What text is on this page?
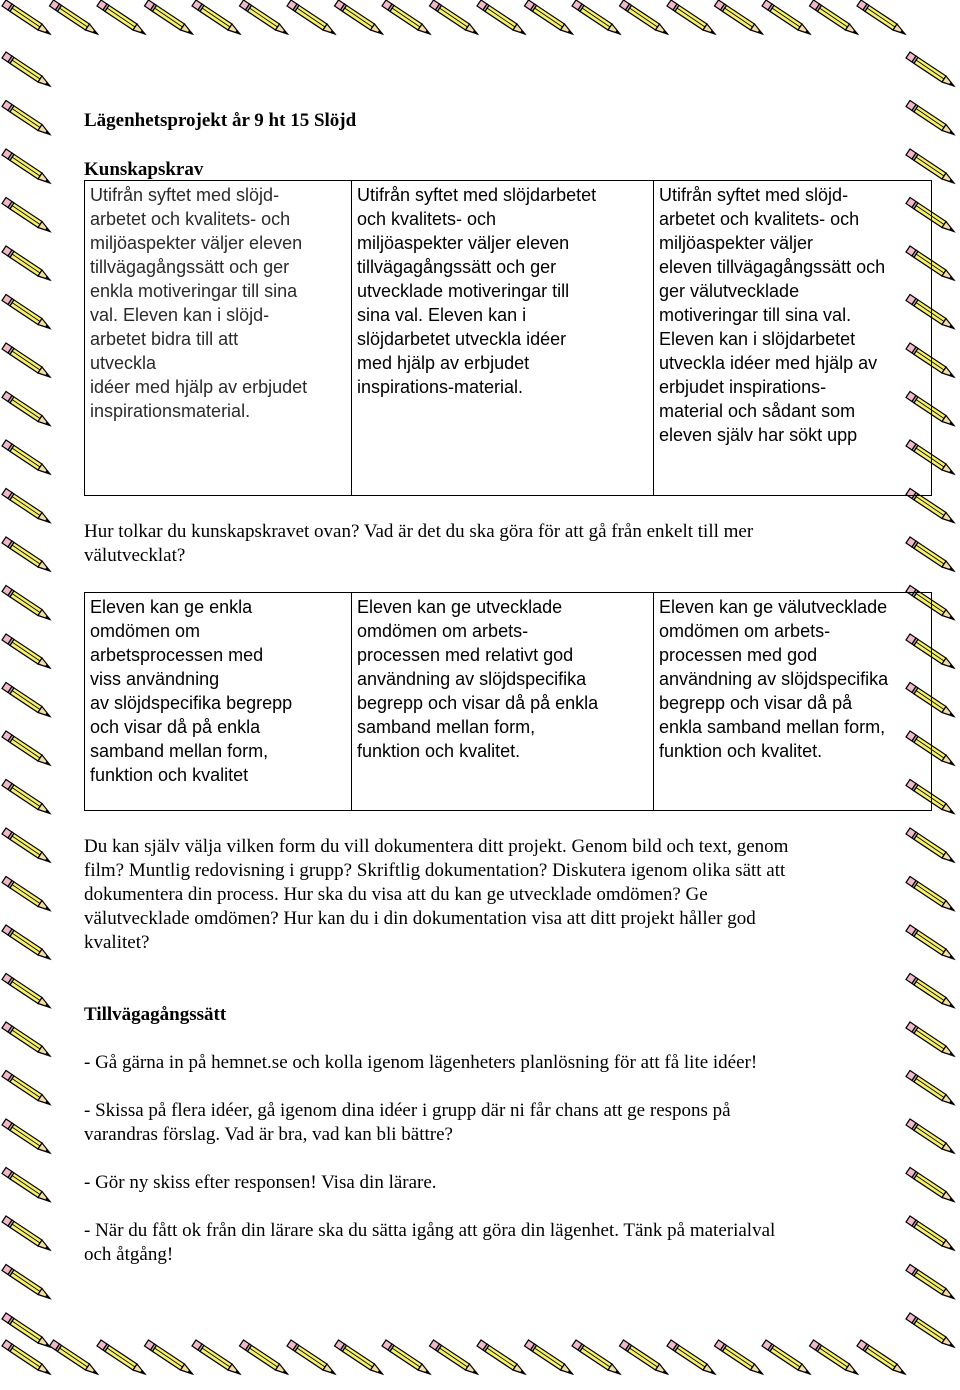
Lägenhetsprojekt år 9 ht 15 Slöjd
Kunskapskrav
Utifrån syftet med slöjd-
arbetet och kvalitets- och
miljöaspekter väljer eleven
tillvägagångssätt och ger
enkla motiveringar till sina
val. Eleven kan i slöjd-
arbetet bidra till att
utveckla
idéer med hjälp av erbjudet
inspirationsmaterial.
Utifrån syftet med slöjdarbetet
och kvalitets- och
miljöaspekter väljer eleven
tillvägagångssätt och ger
utvecklade motiveringar till
sina val. Eleven kan i
slöjdarbetet utveckla idéer
med hjälp av erbjudet
inspirations-material.
Utifrån syftet med slöjd-
arbetet och kvalitets- och
miljöaspekter väljer
eleven tillvägagångssätt och
ger välutvecklade
motiveringar till sina val.
Eleven kan i slöjdarbetet
utveckla idéer med hjälp av
erbjudet inspirations-
material och sådant som
eleven själv har sökt upp
Hur tolkar du kunskapskravet ovan? Vad är det du ska göra för att gå från enkelt till mer
välutvecklat?
Eleven kan ge enkla
omdömen om
arbetsprocessen med
viss användning
av slöjdspecifika begrepp
och visar då på enkla
samband mellan form,
funktion och kvalitet
Eleven kan ge utvecklade
omdömen om arbets-
processen med relativt god
användning av slöjdspecifika
begrepp och visar då på enkla
samband mellan form,
funktion och kvalitet.
Eleven kan ge välutvecklade
omdömen om arbets-
processen med god
användning av slöjdspecifika
begrepp och visar då på
enkla samband mellan form,
funktion och kvalitet.
Du kan själv välja vilken form du vill dokumentera ditt projekt. Genom bild och text, genom
film? Muntlig redovisning i grupp? Skriftlig dokumentation? Diskutera igenom olika sätt att
dokumentera din process. Hur ska du visa att du kan ge utvecklade omdömen? Ge
välutvecklade omdömen? Hur kan du i din dokumentation visa att ditt projekt håller god
kvalitet?
Tillvägagångssätt

- Gå gärna in på hemnet.se och kolla igenom lägenheters planlösning för att få lite idéer!

- Skissa på flera idéer, gå igenom dina idéer i grupp där ni får chans att ge respons på
varandras förslag. Vad är bra, vad kan bli bättre?

- Gör ny skiss efter responsen! Visa din lärare.

- När du fått ok från din lärare ska du sätta igång att göra din lägenhet. Tänk på materialval
och åtgång!
